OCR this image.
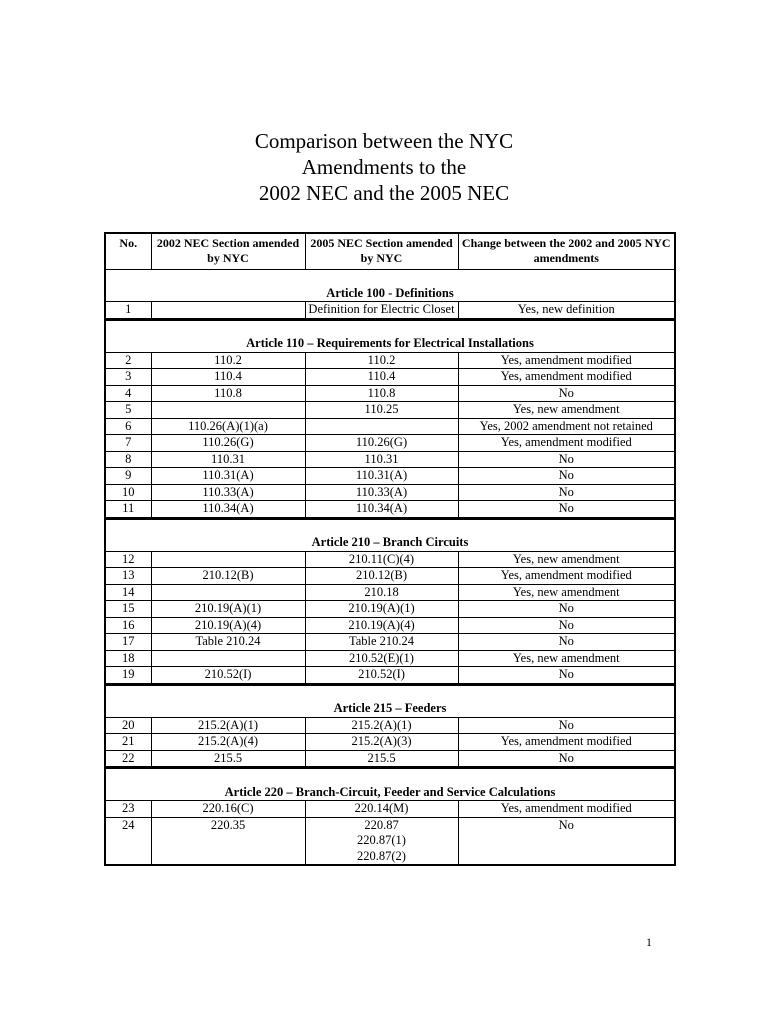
Comparison between the NYC
Amendments to the
2002 NEC and the 2005 NEC
No.	2002 NEC Section amended by NYC	2005 NEC Section amended by NYC	Change between the 2002 and 2005 NYC amendments
Article 100 - Definitions			
1		Definition for Electric Closet	Yes, new definition
Article 110 – Requirements for Electrical Installations			
2	110.2	110.2	Yes, amendment modified
3	110.4	110.4	Yes, amendment modified
4	110.8	110.8	No
5		110.25	Yes, new amendment
6	110.26(A)(1)(a)		Yes, 2002 amendment not retained
7	110.26(G)	110.26(G)	Yes, amendment modified
8	110.31	110.31	No
9	110.31(A)	110.31(A)	No
10	110.33(A)	110.33(A)	No
11	110.34(A)	110.34(A)	No
Article 210 – Branch Circuits			
12		210.11(C)(4)	Yes, new amendment
13	210.12(B)	210.12(B)	Yes, amendment modified
14		210.18	Yes, new amendment
15	210.19(A)(1)	210.19(A)(1)	No
16	210.19(A)(4)	210.19(A)(4)	No
17	Table 210.24	Table 210.24	No
18		210.52(E)(1)	Yes, new amendment
19	210.52(I)	210.52(I)	No
Article 215 – Feeders			
20	215.2(A)(1)	215.2(A)(1)	No
21	215.2(A)(4)	215.2(A)(3)	Yes, amendment modified
22	215.5	215.5	No
Article 220 – Branch-Circuit, Feeder and Service Calculations			
23	220.16(C)	220.14(M)	Yes, amendment modified
24	220.35	220.87
220.87(1)
220.87(2)	No
1
